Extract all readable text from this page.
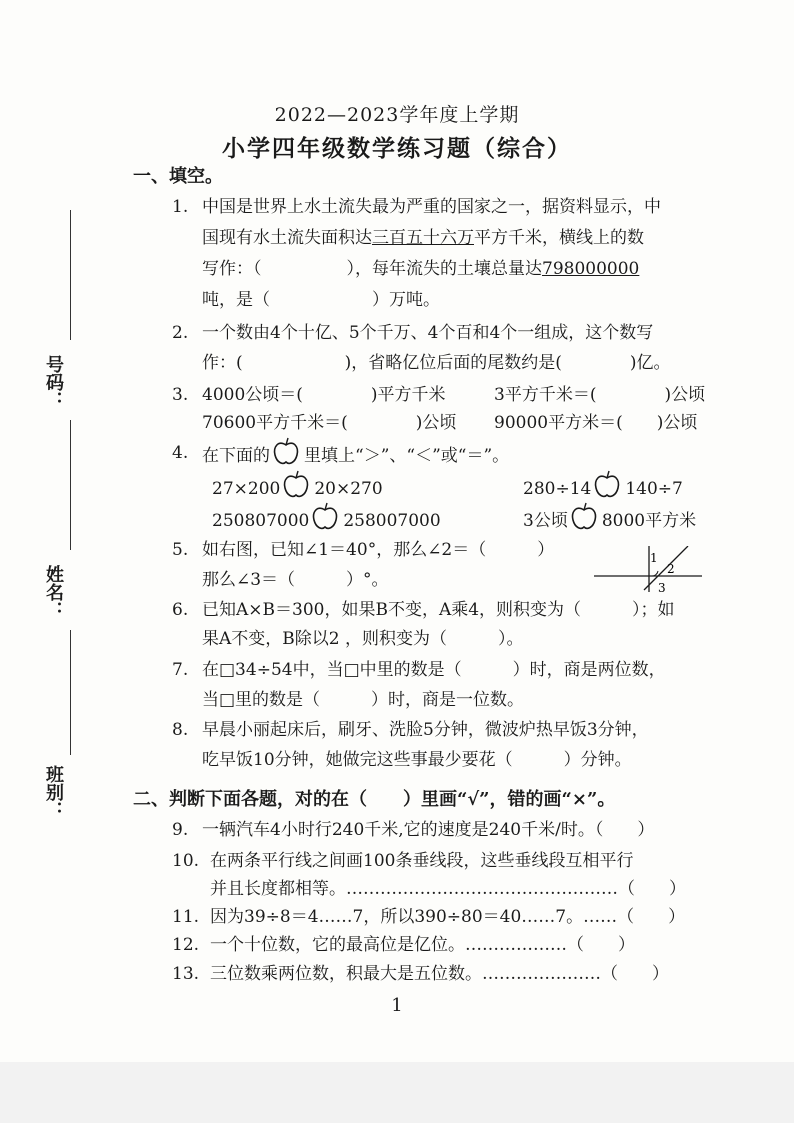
2022—2023学年度上学期
小学四年级数学练习题（综合）
号码：
姓名：
班别：
一、填空。
1. 中国是世界上水土流失最为严重的国家之一，据资料显示，中
国现有水土流失面积达三百五十六万平方千米，横线上的数
写作：（　　　　　），每年流失的土壤总量达798000000
吨，是（　　　　　　）万吨。
2. 一个数由4个十亿、5个千万、4个百和4个一组成，这个数写
作：(　　　　　　)，省略亿位后面的尾数约是(　　　　)亿。
3. 4000公顷＝(　　　　)平方千米	3平方千米＝(　　　　)公顷
70600平方千米＝(　　　　)公顷 90000平方米＝(　　)公顷
4. 在下面的 里填上“＞”、“＜”或“＝”。
27×200 20×270	280÷14 140÷7
250807000 258007000	3公顷 8000平方米
5. 如右图，已知∠1＝40°，那么∠2＝（　　　）
那么∠3＝（　　　）°。
1
2
3
6. 已知A×B＝300，如果B不变，A乘4，则积变为（　　　）；如
果A不变，B除以2 ，则积变为（　　　）。
7. 在□34÷54中，当□中里的数是（　　　）时，商是两位数，
当□里的数是（　　　）时，商是一位数。
8. 早晨小丽起床后，刷牙、洗脸5分钟，微波炉热早饭3分钟，
吃早饭10分钟，她做完这些事最少要花（　　　）分钟。
二、判断下面各题，对的在（　　）里画“√”，错的画“×”。
9. 一辆汽车4小时行240千米,它的速度是240千米/时。（　　）
10. 在两条平行线之间画100条垂线段，这些垂线段互相平行
并且长度都相等。…………………………………………（　　）
11. 因为39÷8＝4……7，所以390÷80＝40……7。……（　　）
12. 一个十位数，它的最高位是亿位。………………（　　）
13. 三位数乘两位数，积最大是五位数。…………………（　　）
1
